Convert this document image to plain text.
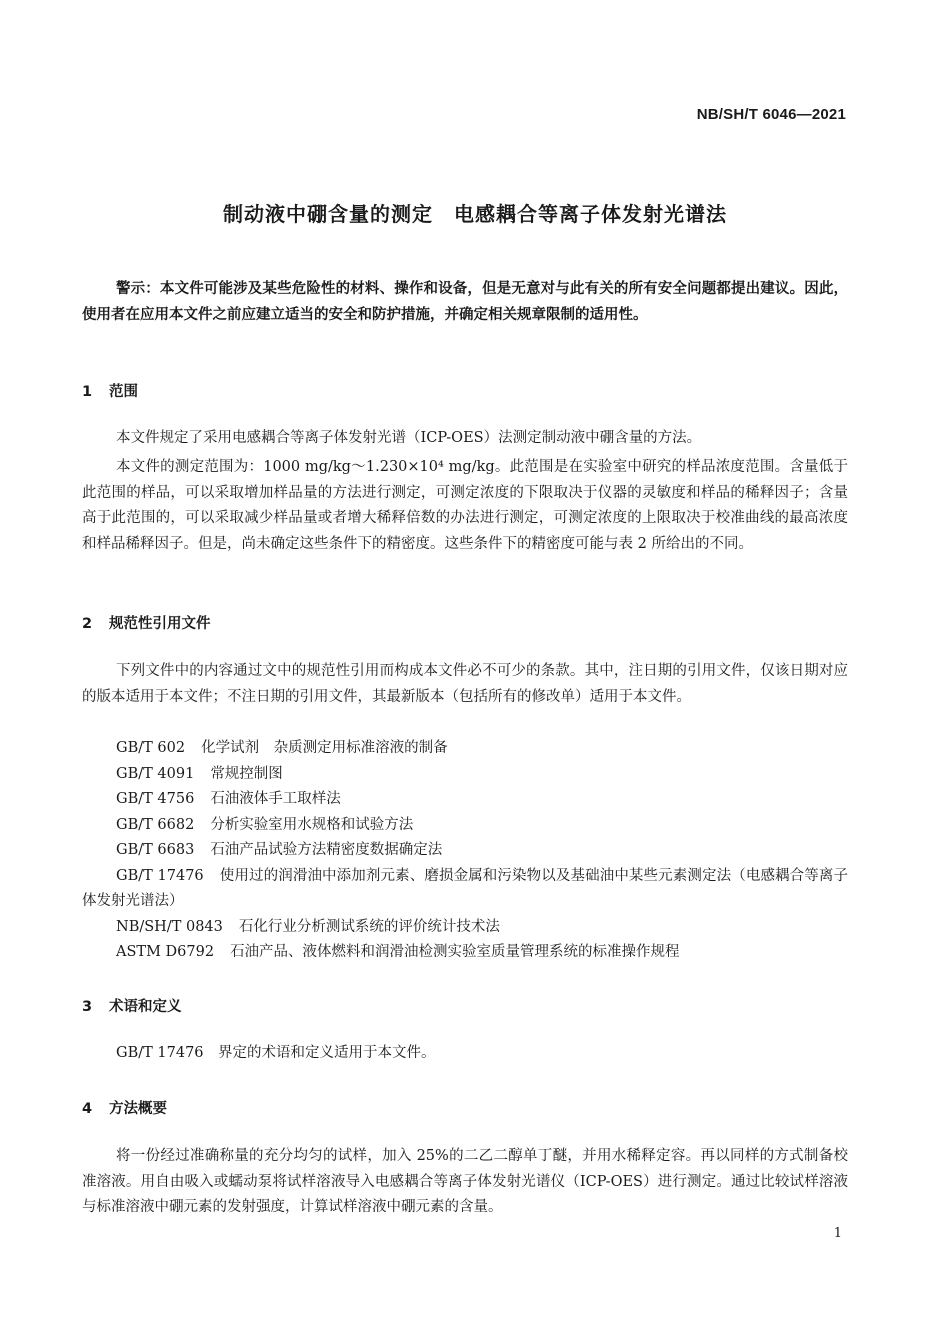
NB/SH/T 6046—2021
制动液中硼含量的测定　电感耦合等离子体发射光谱法

警示：本文件可能涉及某些危险性的材料、操作和设备，但是无意对与此有关的所有安全问题都提出建议。因此，使用者在应用本文件之前应建立适当的安全和防护措施，并确定相关规章限制的适用性。

1 范围

本文件规定了采用电感耦合等离子体发射光谱（ICP-OES）法测定制动液中硼含量的方法。

本文件的测定范围为：1000 mg/kg～1.230×10⁴ mg/kg。此范围是在实验室中研究的样品浓度范围。含量低于此范围的样品，可以采取增加样品量的方法进行测定，可测定浓度的下限取决于仪器的灵敏度和样品的稀释因子；含量高于此范围的，可以采取减少样品量或者增大稀释倍数的办法进行测定，可测定浓度的上限取决于校准曲线的最高浓度和样品稀释因子。但是，尚未确定这些条件下的精密度。这些条件下的精密度可能与表 2 所给出的不同。

2 规范性引用文件

下列文件中的内容通过文中的规范性引用而构成本文件必不可少的条款。其中，注日期的引用文件，仅该日期对应的版本适用于本文件；不注日期的引用文件，其最新版本（包括所有的修改单）适用于本文件。

GB/T 602 化学试剂　杂质测定用标准溶液的制备

GB/T 4091 常规控制图

GB/T 4756 石油液体手工取样法

GB/T 6682 分析实验室用水规格和试验方法

GB/T 6683 石油产品试验方法精密度数据确定法

GB/T 17476 使用过的润滑油中添加剂元素、磨损金属和污染物以及基础油中某些元素测定法（电感耦合等离子体发射光谱法）

NB/SH/T 0843 石化行业分析测试系统的评价统计技术法

ASTM D6792 石油产品、液体燃料和润滑油检测实验室质量管理系统的标准操作规程

3 术语和定义

GB/T 17476　界定的术语和定义适用于本文件。

4 方法概要

将一份经过准确称量的充分均匀的试样，加入 25%的二乙二醇单丁醚，并用水稀释定容。再以同样的方式制备校准溶液。用自由吸入或蠕动泵将试样溶液导入电感耦合等离子体发射光谱仪（ICP-OES）进行测定。通过比较试样溶液与标准溶液中硼元素的发射强度，计算试样溶液中硼元素的含量。

1
